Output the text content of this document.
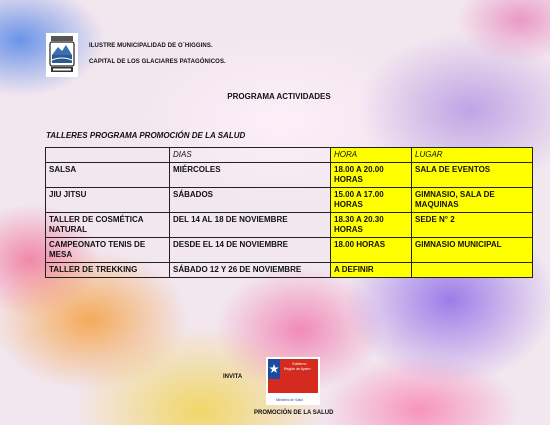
ILUSTRE MUNICIPALIDAD DE O´HIGGINS.
CAPITAL DE LOS GLACIARES PATAGÓNICOS.
PROGRAMA ACTIVIDADES
TALLERES PROGRAMA PROMOCIÓN DE LA SALUD
	DIAS	HORA	LUGAR
SALSA	MIÉRCOLES	18.00 A 20.00 HORAS	SALA DE EVENTOS
JIU JITSU	SÁBADOS	15.00 A 17.00 HORAS	GIMNASIO, SALA DE MAQUINAS
TALLER DE COSMÉTICA NATURAL	DEL 14 AL 18 DE NOVIEMBRE	18.30 A 20.30 HORAS	SEDE N° 2
CAMPEONATO TENIS DE MESA	DESDE EL 14 DE NOVIEMBRE	18.00 HORAS	GIMNASIO MUNICIPAL
TALLER DE TREKKING	SÁBADO 12 Y 26 DE NOVIEMBRE	A DEFINIR	
INVITA
Gobierno
Región de Aysén
Ministerio de Salud
PROMOCIÓN DE LA SALUD
